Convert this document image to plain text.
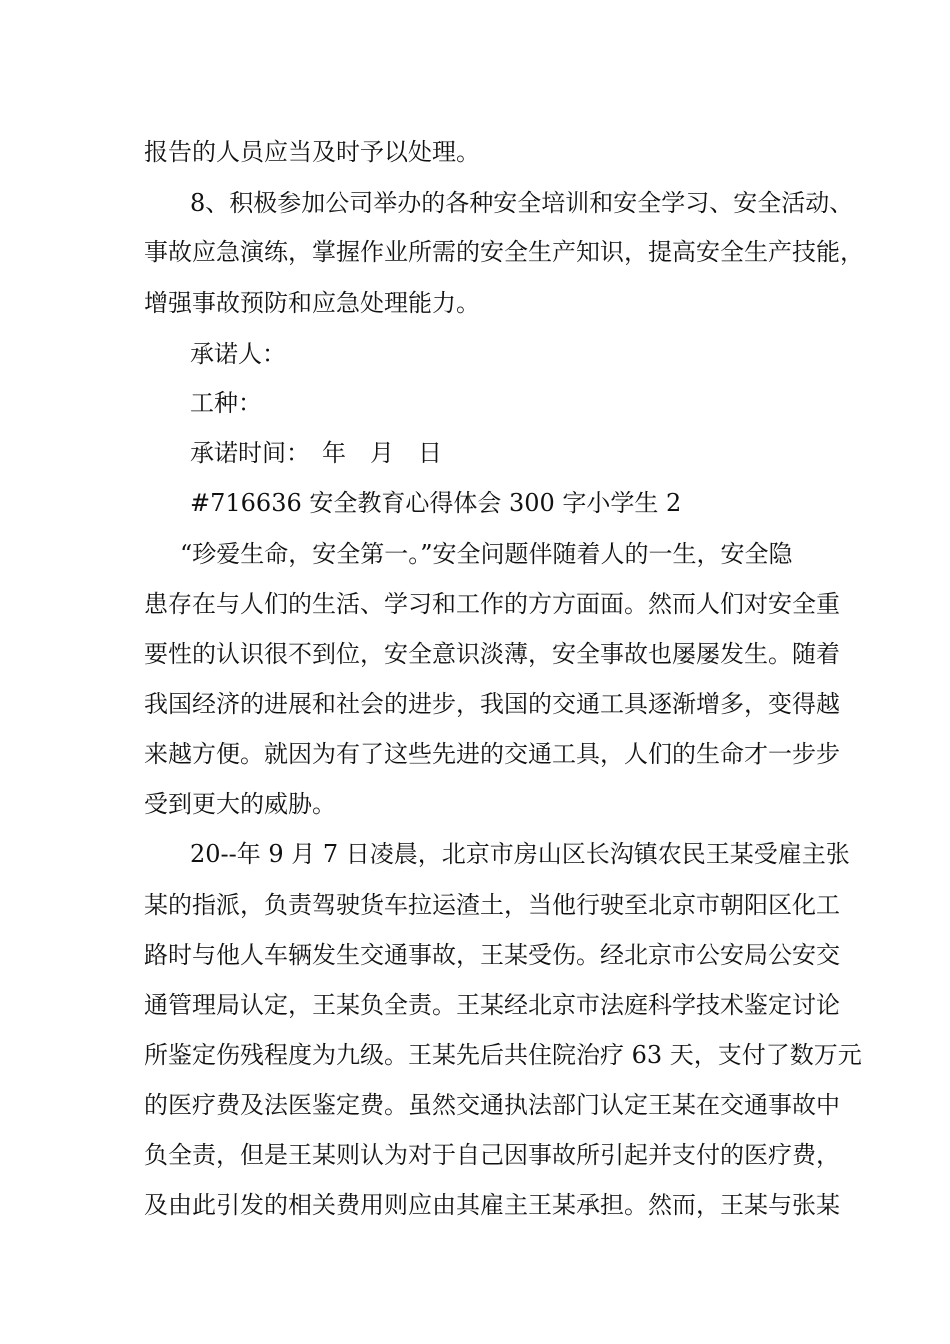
报告的人员应当及时予以处理。
8、积极参加公司举办的各种安全培训和安全学习、安全活动、
事故应急演练，掌握作业所需的安全生产知识，提高安全生产技能，
增强事故预防和应急处理能力。
承诺人：
工种：
承诺时间：　年　月　日
#716636 安全教育心得体会 300 字小学生 2
“珍爱生命，安全第一。”安全问题伴随着人的一生，安全隐
患存在与人们的生活、学习和工作的方方面面。然而人们对安全重
要性的认识很不到位，安全意识淡薄，安全事故也屡屡发生。随着
我国经济的进展和社会的进步，我国的交通工具逐渐增多，变得越
来越方便。就因为有了这些先进的交通工具，人们的生命才一步步
受到更大的威胁。
20--年 9 月 7 日凌晨，北京市房山区长沟镇农民王某受雇主张
某的指派，负责驾驶货车拉运渣土，当他行驶至北京市朝阳区化工
路时与他人车辆发生交通事故，王某受伤。经北京市公安局公安交
通管理局认定，王某负全责。王某经北京市法庭科学技术鉴定讨论
所鉴定伤残程度为九级。王某先后共住院治疗 63 天，支付了数万元
的医疗费及法医鉴定费。虽然交通执法部门认定王某在交通事故中
负全责，但是王某则认为对于自己因事故所引起并支付的医疗费，
及由此引发的相关费用则应由其雇主王某承担。然而，王某与张某
